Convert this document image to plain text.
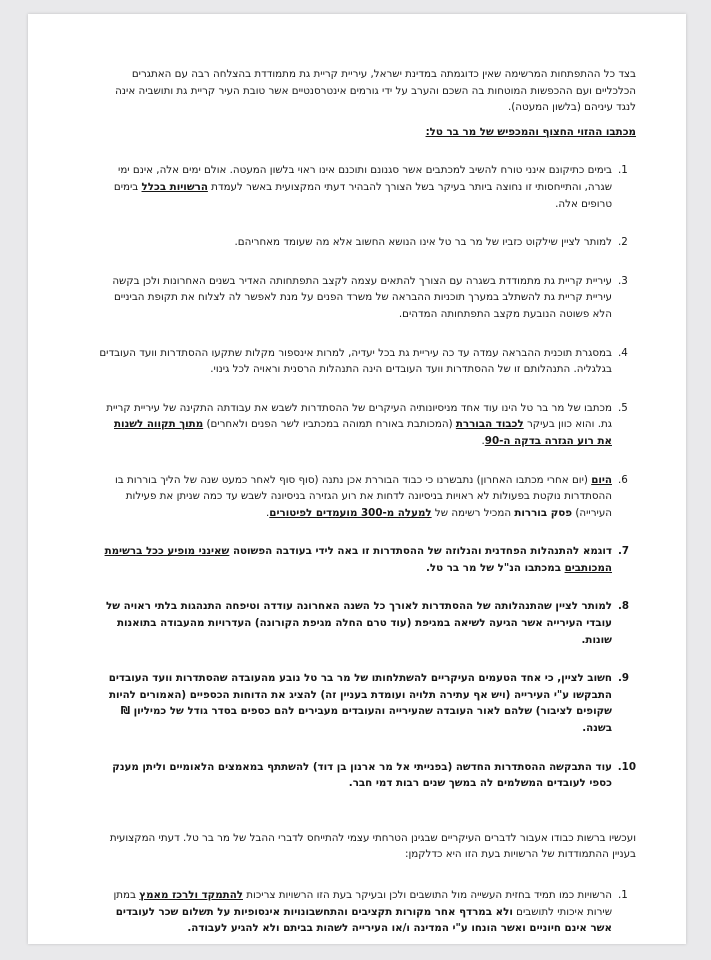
בצד כל ההתפתחות המרשימה שאין כדוגמתה במדינת ישראל, עיריית קריית גת מתמודדת בהצלחה רבה עם האתגרים הכלכליים ועם ההכפשות המוטחות בה השכם והערב על ידי גורמים אינטרסנטיים אשר טובת העיר קריית גת ותושביה אינה לנגד עיניהם (בלשון המעטה).

מכתבו ההזוי החצוף והמכפיש של מר בר טל:

1.
בימים כתיקונם אינני טורח להשיב למכתבים אשר סגנונם ותוכנם אינו ראוי בלשון המעטה. אולם ימים אלה, אינם ימי שגרה, והתייחסותי זו נחוצה ביותר בעיקר בשל הצורך להבהיר דעתי המקצועית באשר לעמדת הרשויות בכלל בימים טרופים אלה.
2.
למותר לציין שילקוט כזביו של מר בר טל אינו הנושא החשוב אלא מה שעומד מאחריהם.
3.
עיריית קריית גת מתמודדת בשגרה עם הצורך להתאים עצמה לקצב התפתחותה האדיר בשנים האחרונות ולכן בקשה עיריית קריית גת להשתלב במערך תוכניות ההבראה של משרד הפנים על מנת לאפשר לה לצלוח את תקופת הביניים הלא פשוטה הנובעת מקצב התפתחותה המדהים.
4.
במסגרת תוכנית ההבראה עמדה עד כה עיריית גת בכל יעדיה, למרות אינספור מקלות שתקעו ההסתדרות וועד העובדים בגלגליה. התנהלותם זו של ההסתדרות וועד העובדים הינה התנהלות הרסנית וראויה לכל גינוי.
5.
מכתבו של מר בר טל הינו עוד אחד מניסיונותיה העיקרים של ההסתדרות לשבש את עבודתה התקינה של עיריית קריית גת. והוא כוון בעיקר לכבוד הבוררת (המכותבת באורח תמוהה במכתביו לשר הפנים ולאחרים) מתוך תקווה לשנות את רוע הגזרה בדקה ה-90.
6.
היום (יום אחרי מכתבו האחרון) נתבשרנו כי כבוד הבוררת אכן נתנה (סוף סוף לאחר כמעט שנה של הליך בוררות בו ההסתדרות נוקטת בפעולות לא ראויות בניסיונה לדחות את רוע הגזירה בניסיונה לשבש עד כמה שניתן את פעילות העירייה) פסק בוררות המכיל רשימה של למעלה מ-300 מועמדים לפיטורים.
7.
דוגמא להתנהלות הפחדנית והנלוזה של ההסתדרות זו באה לידי בעודבה הפשוטה שאינני מופיע ככל ברשימת המכותבים במכתבו הנ"ל של מר בר טל.
8.
למותר לציין שהתנהלותה של ההסתדרות לאורך כל השנה האחרונה עודדה וטיפחה התנהגות בלתי ראויה של עובדי העירייה אשר הגיעה לשיאה במגיפת (עוד טרם החלה מגיפת הקורונה) העדרויות מהעבודה בתואנות שונות.
9.
חשוב לציין, כי אחד הטעמים העיקריים להשתלחותו של מר בר טל נובע מהעובדה שהסתדרות וועד העובדים התבקשו ע"י העירייה (ויש אף עתירה תלויה ועומדת בעניין זה) להציג את הדוחות הכספיים (האמורים להיות שקופים לציבור) שלהם לאור העובדה שהעירייה והעובדים מעבירים להם כספים בסדר גודל של כמיליון ₪ בשנה.
10.
עוד התבקשה ההסתדרות החדשה (בפנייתי אל מר ארנון בן דוד) להשתתף במאמצים הלאומיים וליתן מענק כספי לעובדים המשלמים לה במשך שנים רבות דמי חבר.

ועכשיו ברשות כבודו אעבור לדברים העיקריים שבגינן הטרחתי עצמי להתייחס לדברי ההבל של מר בר טל. דעתי המקצועית בעניין ההתמודדות של הרשויות בעת הזו היא כדלקמן:

1.
הרשויות כמו תמיד בחזית העשייה מול התושבים ולכן ובעיקר בעת הזו הרשויות צריכות להתמקד ולרכז מאמץ במתן שירות איכותי לתושבים ולא במרדף אחר מקורות תקציבים והתחשבונויות אינסופיות על תשלום שכר לעובדים אשר אינם חיוניים ואשר הונחו ע"י המדינה ו/או העירייה לשהות בביתם ולא להגיע לעבודה.
